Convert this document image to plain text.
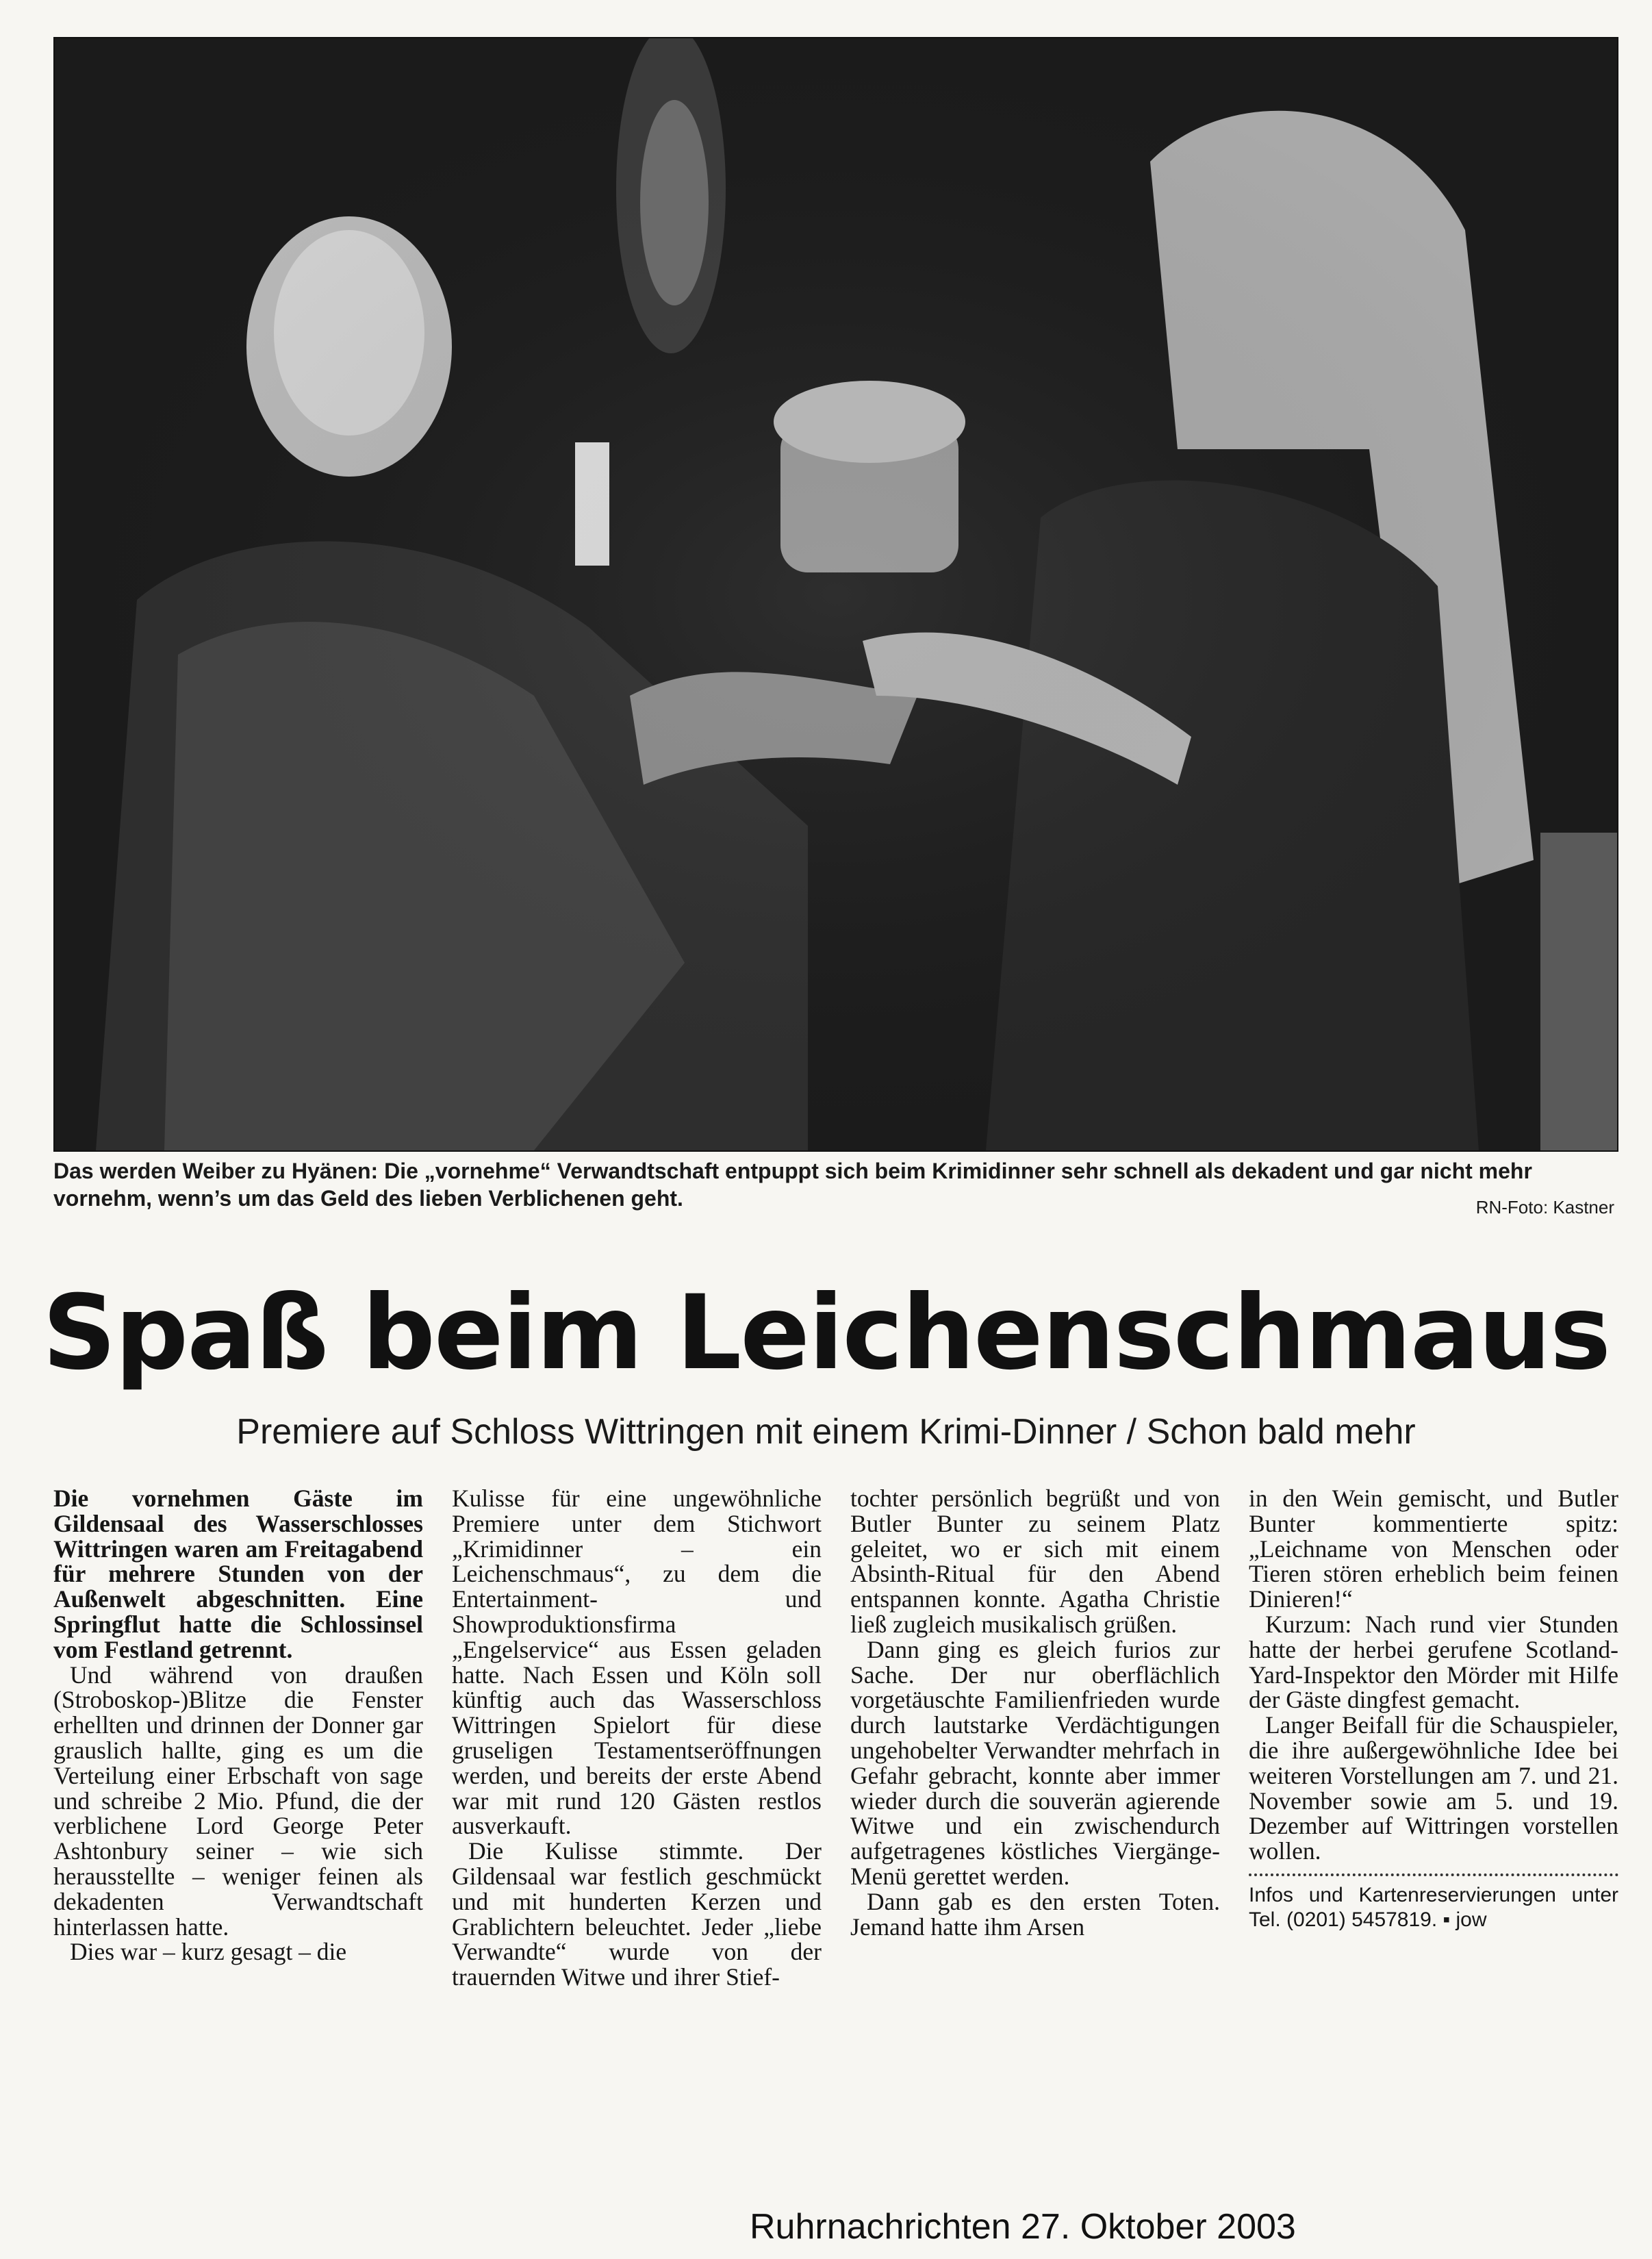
Das werden Weiber zu Hyänen: Die „vornehme“ Verwandtschaft entpuppt sich beim Krimidinner sehr schnell als dekadent und gar nicht mehr vornehm, wenn’s um das Geld des lieben Verblichenen geht.	RN-Foto: Kastner
Spaß beim Leichenschmaus
Premiere auf Schloss Wittringen mit einem Krimi-Dinner / Schon bald mehr

Die vornehmen Gäste im Gildensaal des Wasserschlosses Wittringen waren am Freitagabend für mehrere Stunden von der Außenwelt abgeschnitten. Eine Springflut hatte die Schlossinsel vom Festland getrennt.

Und während von draußen (Stroboskop-)Blitze die Fenster erhellten und drinnen der Donner gar grauslich hallte, ging es um die Verteilung einer Erbschaft von sage und schreibe 2 Mio. Pfund, die der verblichene Lord George Peter Ashtonbury seiner – wie sich herausstellte – weniger feinen als dekadenten Verwandtschaft hinterlassen hatte.

Dies war – kurz gesagt – die

Kulisse für eine ungewöhnliche Premiere unter dem Stichwort „Krimidinner – ein Leichenschmaus“, zu dem die Entertainment- und Showproduktionsfirma „Engelservice“ aus Essen geladen hatte. Nach Essen und Köln soll künftig auch das Wasserschloss Wittringen Spielort für diese gruseligen Testamentseröffnungen werden, und bereits der erste Abend war mit rund 120 Gästen restlos ausverkauft.

Die Kulisse stimmte. Der Gildensaal war festlich geschmückt und mit hunderten Kerzen und Grablichtern beleuchtet. Jeder „liebe Verwandte“ wurde von der trauernden Witwe und ihrer Stief-

tochter persönlich begrüßt und von Butler Bunter zu seinem Platz geleitet, wo er sich mit einem Absinth-Ritual für den Abend entspannen konnte. Agatha Christie ließ zugleich musikalisch grüßen.

Dann ging es gleich furios zur Sache. Der nur oberflächlich vorgetäuschte Familienfrieden wurde durch lautstarke Verdächtigungen ungehobelter Verwandter mehrfach in Gefahr gebracht, konnte aber immer wieder durch die souverän agierende Witwe und ein zwischendurch aufgetragenes köstliches Viergänge-Menü gerettet werden.

Dann gab es den ersten Toten. Jemand hatte ihm Arsen

in den Wein gemischt, und Butler Bunter kommentierte spitz: „Leichname von Menschen oder Tieren stören erheblich beim feinen Dinieren!“

Kurzum: Nach rund vier Stunden hatte der herbei gerufene Scotland-Yard-Inspektor den Mörder mit Hilfe der Gäste dingfest gemacht.

Langer Beifall für die Schauspieler, die ihre außergewöhnliche Idee bei weiteren Vorstellungen am 7. und 21. November sowie am 5. und 19. Dezember auf Wittringen vorstellen wollen.

Infos und Kartenreservierungen unter Tel. (0201) 5457819. ▪ jow
Ruhrnachrichten 27. Oktober 2003
